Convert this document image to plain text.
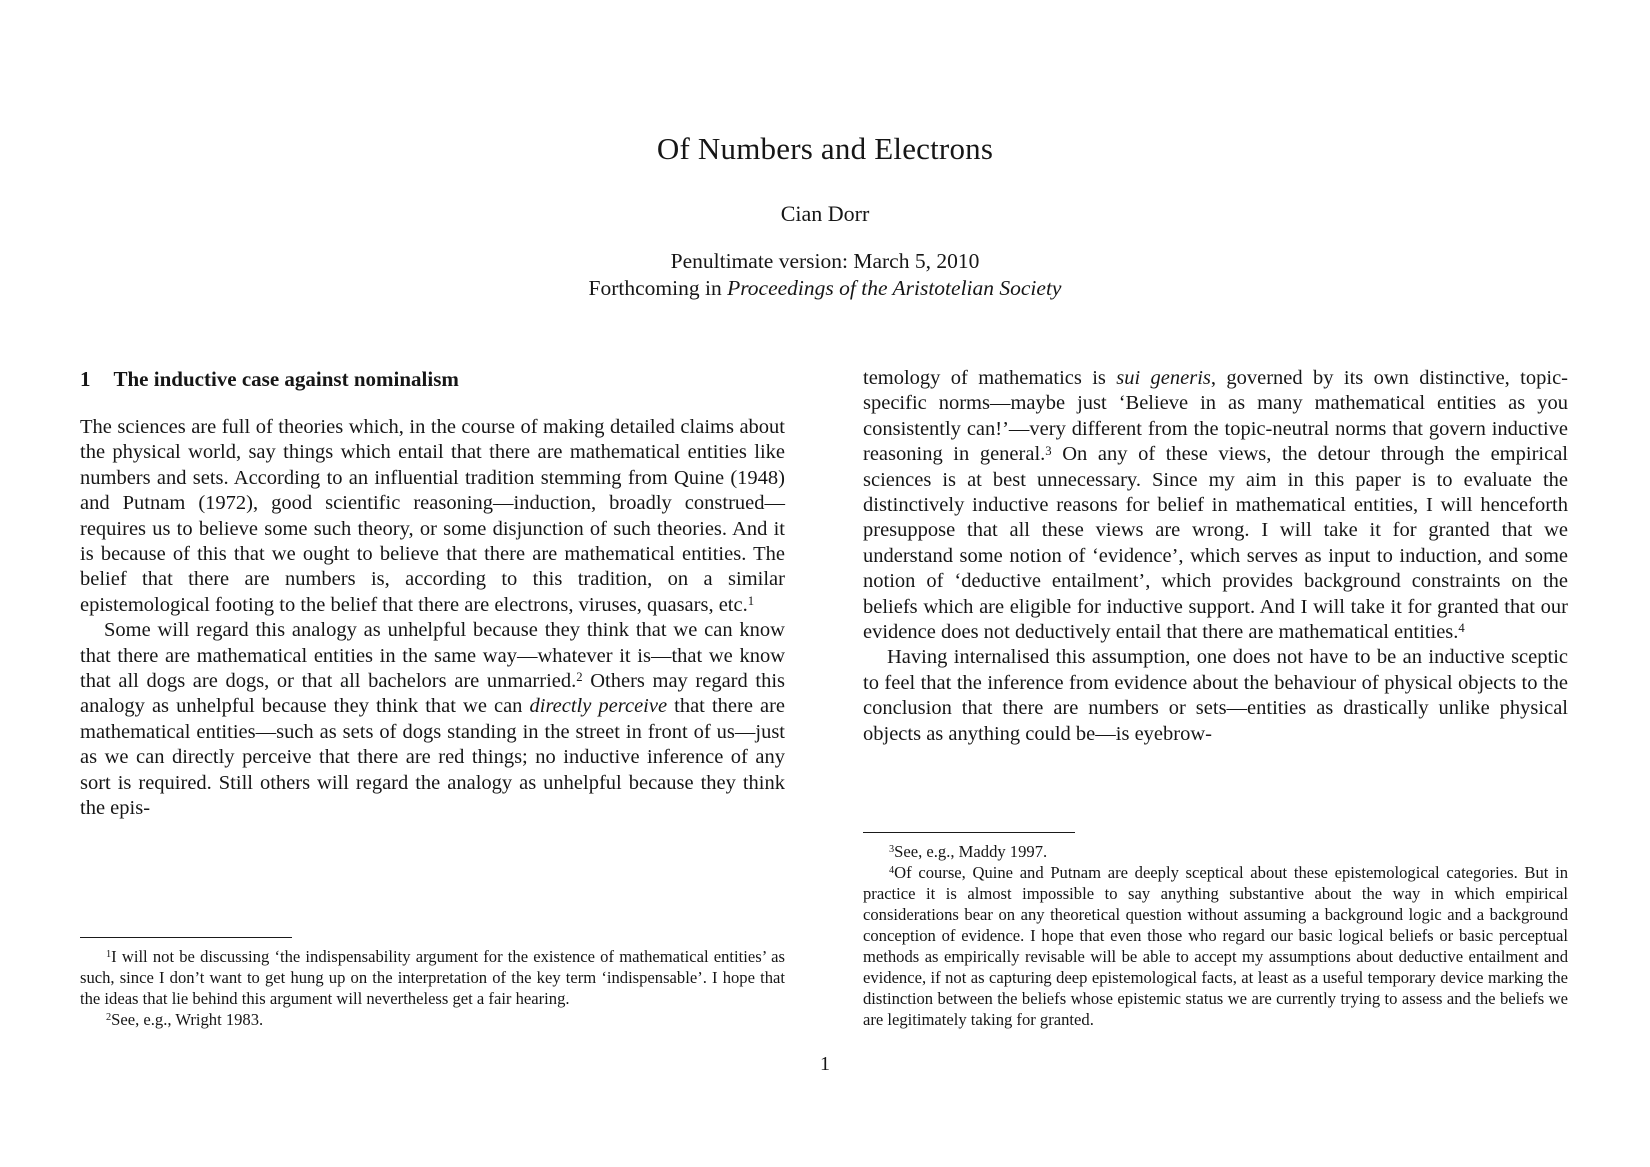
Of Numbers and Electrons
Cian Dorr
Penultimate version: March 5, 2010
Forthcoming in Proceedings of the Aristotelian Society
1 The inductive case against nominalism

The sciences are full of theories which, in the course of making detailed claims about the physical world, say things which entail that there are mathematical entities like numbers and sets. According to an influential tradition stemming from Quine (1948) and Putnam (1972), good scientific reasoning—induction, broadly construed—requires us to believe some such theory, or some disjunction of such theories. And it is because of this that we ought to believe that there are mathematical entities. The belief that there are numbers is, according to this tradition, on a similar epistemological footing to the belief that there are electrons, viruses, quasars, etc.$^1$

Some will regard this analogy as unhelpful because they think that we can know that there are mathematical entities in the same way—whatever it is—that we know that all dogs are dogs, or that all bachelors are unmarried.$^2$ Others may regard this analogy as unhelpful because they think that we can directly perceive that there are mathematical entities—such as sets of dogs standing in the street in front of us—just as we can directly perceive that there are red things; no inductive inference of any sort is required. Still others will regard the analogy as unhelpful because they think the epis-

$^1$I will not be discussing ‘the indispensability argument for the existence of mathematical entities’ as such, since I don’t want to get hung up on the interpretation of the key term ‘indispensable’. I hope that the ideas that lie behind this argument will nevertheless get a fair hearing.

$^2$See, e.g., Wright 1983.

temology of mathematics is sui generis, governed by its own distinctive, topic-specific norms—maybe just ‘Believe in as many mathematical entities as you consistently can!’—very different from the topic-neutral norms that govern inductive reasoning in general.$^3$ On any of these views, the detour through the empirical sciences is at best unnecessary. Since my aim in this paper is to evaluate the distinctively inductive reasons for belief in mathematical entities, I will henceforth presuppose that all these views are wrong. I will take it for granted that we understand some notion of ‘evidence’, which serves as input to induction, and some notion of ‘deductive entailment’, which provides background constraints on the beliefs which are eligible for inductive support. And I will take it for granted that our evidence does not deductively entail that there are mathematical entities.$^4$

Having internalised this assumption, one does not have to be an inductive sceptic to feel that the inference from evidence about the behaviour of physical objects to the conclusion that there are numbers or sets—entities as drastically unlike physical objects as anything could be—is eyebrow-

$^3$See, e.g., Maddy 1997.

$^4$Of course, Quine and Putnam are deeply sceptical about these epistemological categories. But in practice it is almost impossible to say anything substantive about the way in which empirical considerations bear on any theoretical question without assuming a background logic and a background conception of evidence. I hope that even those who regard our basic logical beliefs or basic perceptual methods as empirically revisable will be able to accept my assumptions about deductive entailment and evidence, if not as capturing deep epistemological facts, at least as a useful temporary device marking the distinction between the beliefs whose epistemic status we are currently trying to assess and the beliefs we are legitimately taking for granted.

1
